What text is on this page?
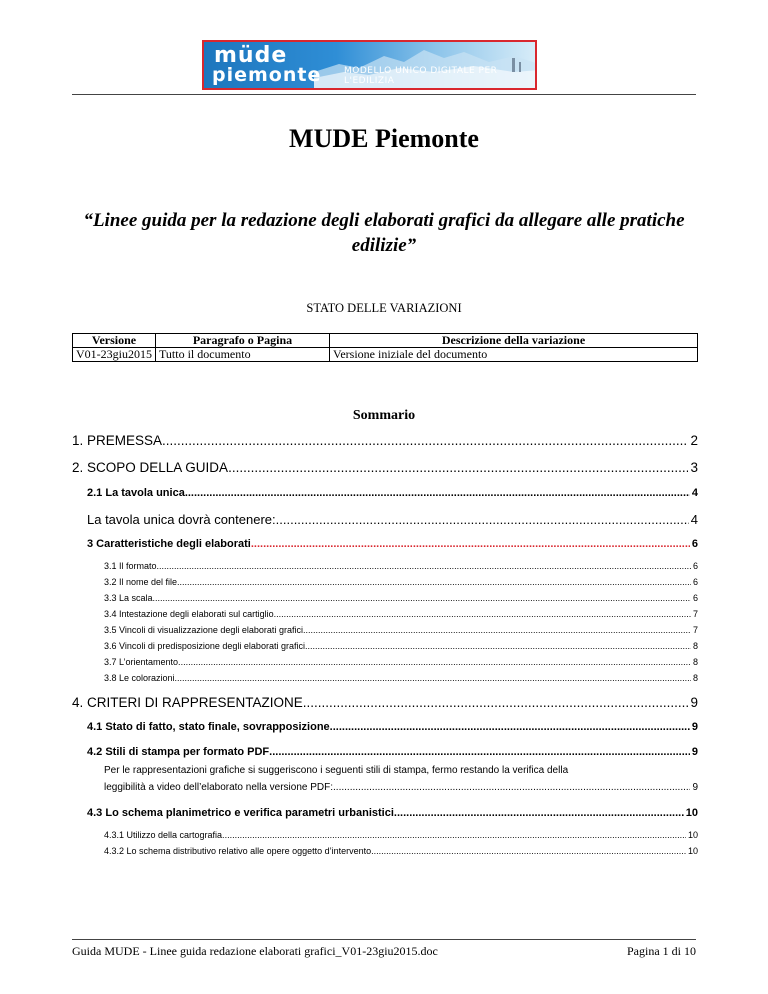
müde
piemonte	MODELLO UNICO DIGITALE PER L'EDILIZIA
MUDE Piemonte
“Linee guida per la redazione degli elaborati grafici da allegare alle pratiche edilizie”
STATO DELLE VARIAZIONI
Versione	Paragrafo o Pagina	Descrizione della variazione
V01-23giu2015	Tutto il documento	Versione iniziale del documento
Sommario
1. PREMESSA. .....	2
2. SCOPO DELLA GUIDA .....	3
2.1 La tavola unica. .....	4
La tavola unica dovrà contenere: .....	4
3 Caratteristiche degli elaborati .....	6
3.1 Il formato .....	6
3.2 Il nome del file. .....	6
3.3 La scala. .....	6
3.4 Intestazione degli elaborati sul cartiglio. .....	7
3.5 Vincoli di visualizzazione degli elaborati grafici. .....	7
3.6 Vincoli di predisposizione degli elaborati grafici. .....	8
3.7 L’orientamento. .....	8
3.8 Le colorazioni. .....	8
4. CRITERI DI RAPPRESENTAZIONE .....	9
4.1 Stato di fatto, stato finale, sovrapposizione. .....	9
4.2 Stili di stampa per formato PDF .....	9
Per le rappresentazioni grafiche si suggeriscono i seguenti stili di stampa, fermo restando la verifica della
leggibilità a video dell’elaborato nella versione PDF: .....	9
4.3 Lo schema planimetrico e verifica parametri urbanistici. .....	10
4.3.1 Utilizzo della cartografia. .....	10
4.3.2 Lo schema distributivo relativo alle opere oggetto d’intervento. .....	10
Guida MUDE - Linee guida redazione elaborati grafici_V01-23giu2015.doc	Pagina 1 di 10
